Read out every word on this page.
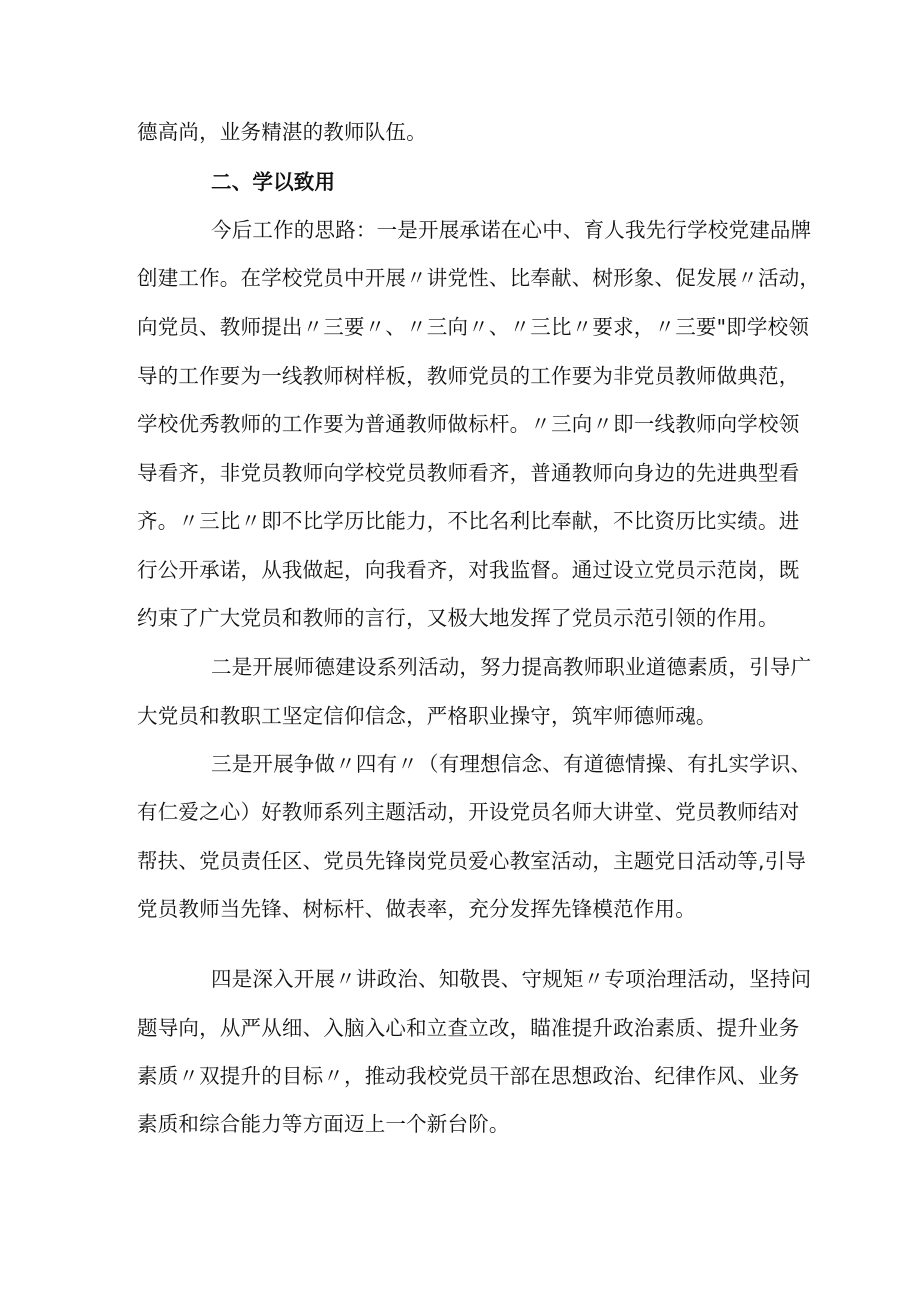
德高尚，业务精湛的教师队伍。
二、学以致用
今后工作的思路：一是开展承诺在心中、育人我先行学校党建品牌
创建工作。在学校党员中开展〃讲党性、比奉献、树形象、促发展〃活动，
向党员、教师提出〃三要〃、〃三向〃、〃三比〃要求，〃三要"即学校领
导的工作要为一线教师树样板，教师党员的工作要为非党员教师做典范，
学校优秀教师的工作要为普通教师做标杆。〃三向〃即一线教师向学校领
导看齐，非党员教师向学校党员教师看齐，普通教师向身边的先进典型看
齐。〃三比〃即不比学历比能力，不比名利比奉献，不比资历比实绩。进
行公开承诺，从我做起，向我看齐，对我监督。通过设立党员示范岗，既
约束了广大党员和教师的言行，又极大地发挥了党员示范引领的作用。
二是开展师德建设系列活动，努力提高教师职业道德素质，引导广
大党员和教职工坚定信仰信念，严格职业操守，筑牢师德师魂。
三是开展争做〃四有〃（有理想信念、有道德情操、有扎实学识、
有仁爱之心）好教师系列主题活动，开设党员名师大讲堂、党员教师结对
帮扶、党员责任区、党员先锋岗党员爱心教室活动，主题党日活动等,引导
党员教师当先锋、树标杆、做表率，充分发挥先锋模范作用。
四是深入开展〃讲政治、知敬畏、守规矩〃专项治理活动，坚持问
题导向，从严从细、入脑入心和立查立改，瞄准提升政治素质、提升业务
素质〃双提升的目标〃，推动我校党员干部在思想政治、纪律作风、业务
素质和综合能力等方面迈上一个新台阶。
